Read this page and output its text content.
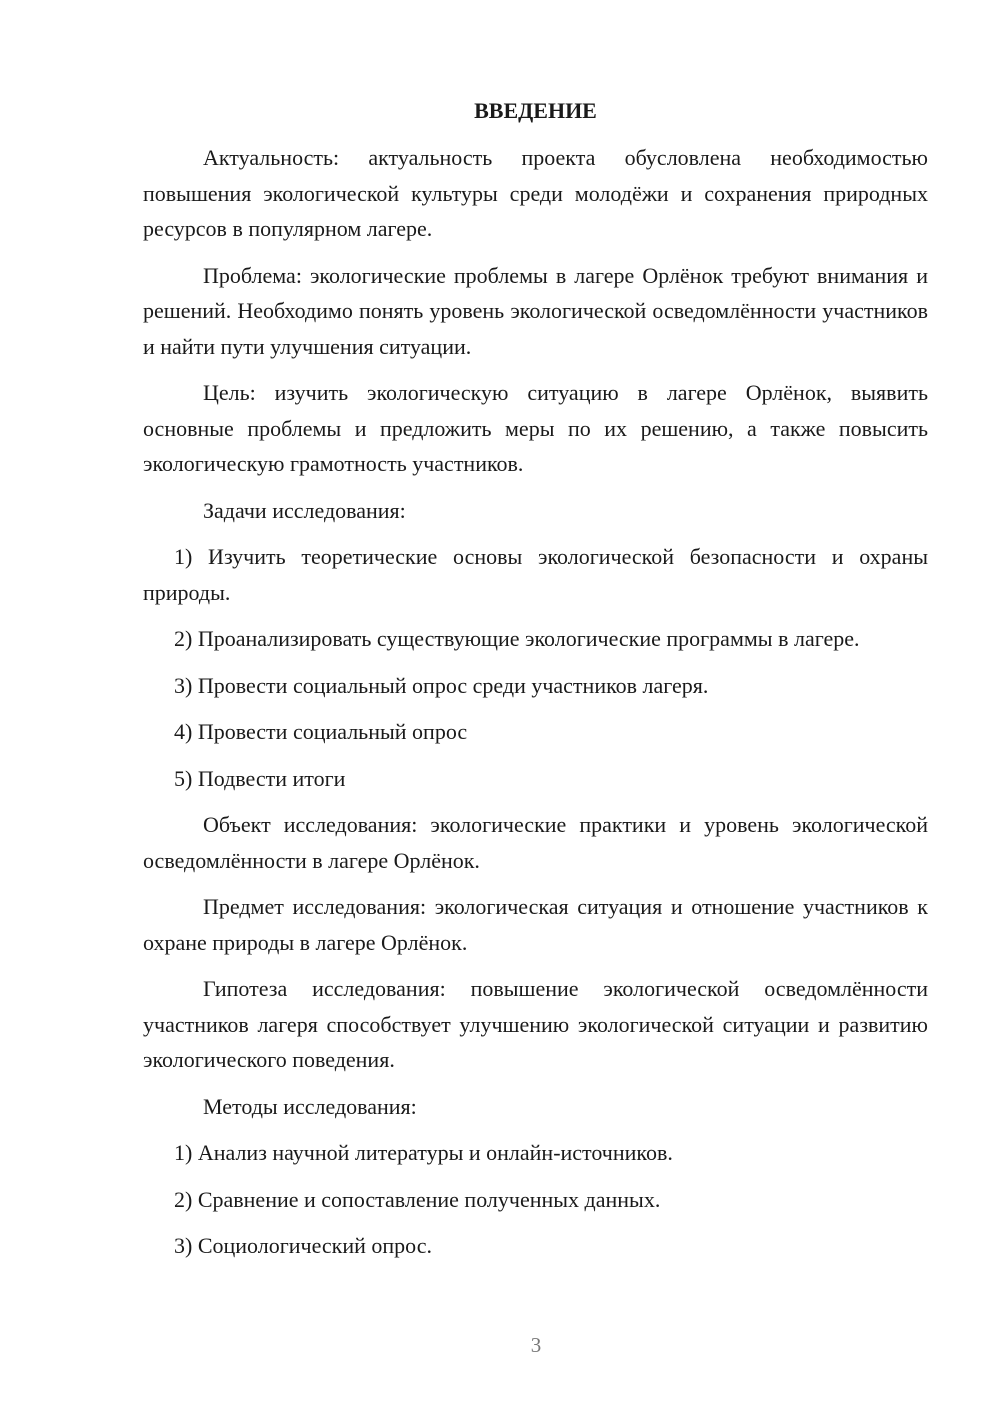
ВВЕДЕНИЕ

Актуальность: актуальность проекта обусловлена необходимостью повышения экологической культуры среди молодёжи и сохранения природных ресурсов в популярном лагере.

Проблема: экологические проблемы в лагере Орлёнок требуют внимания и решений. Необходимо понять уровень экологической осведомлённости участников и найти пути улучшения ситуации.

Цель: изучить экологическую ситуацию в лагере Орлёнок, выявить основные проблемы и предложить меры по их решению, а также повысить экологическую грамотность участников.

Задачи исследования:

1) Изучить теоретические основы экологической безопасности и охраны природы.

2) Проанализировать существующие экологические программы в лагере.

3) Провести социальный опрос среди участников лагеря.

4) Провести социальный опрос

5) Подвести итоги

Объект исследования: экологические практики и уровень экологической осведомлённости в лагере Орлёнок.

Предмет исследования: экологическая ситуация и отношение участников к охране природы в лагере Орлёнок.

Гипотеза исследования: повышение экологической осведомлённости участников лагеря способствует улучшению экологической ситуации и развитию экологического поведения.

Методы исследования:

1) Анализ научной литературы и онлайн-источников.

2) Сравнение и сопоставление полученных данных.

3) Социологический опрос.

3
